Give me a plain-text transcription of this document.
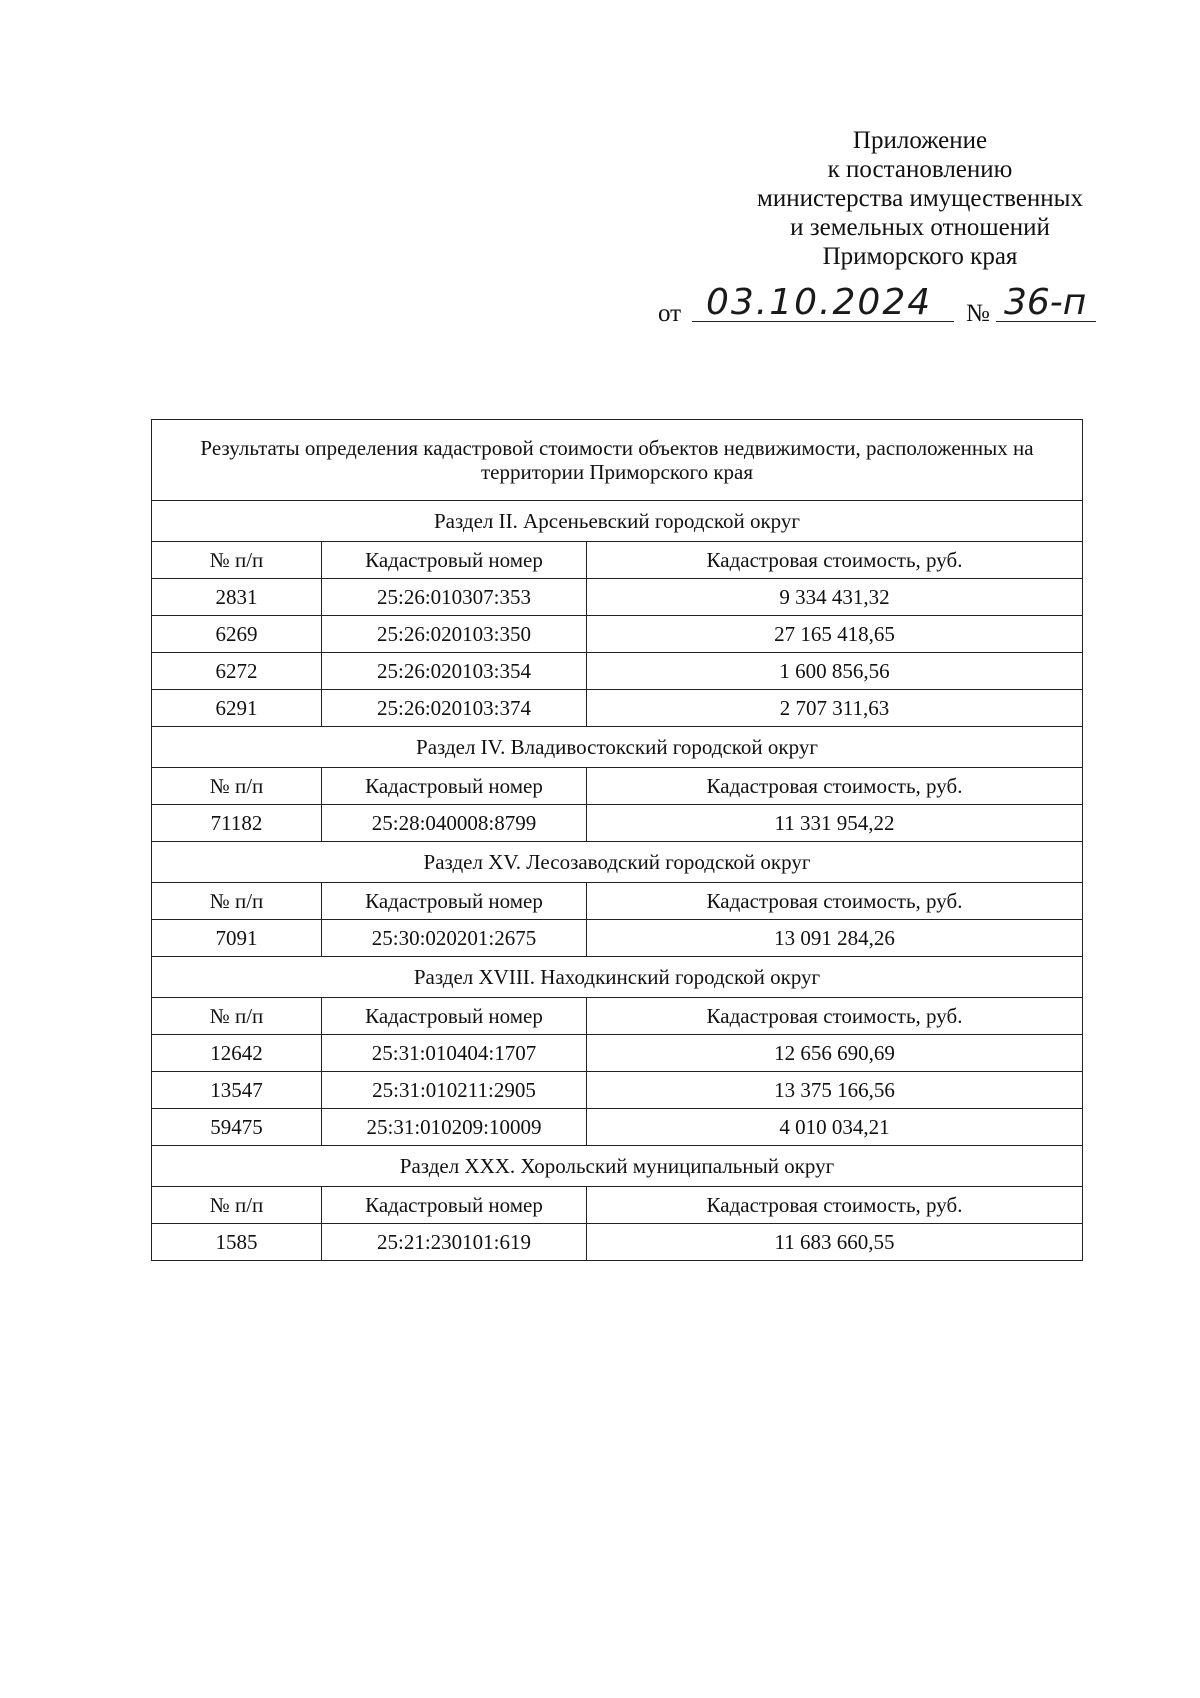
Приложение
к постановлению
министерства имущественных
и земельных отношений
Приморского края
от 03.10.2024	№ 36-п
Результаты определения кадастровой стоимости объектов недвижимости, расположенных на территории Приморского края		
Раздел II. Арсеньевский городской округ		
№ п/п	Кадастровый номер	Кадастровая стоимость, руб.
2831	25:26:010307:353	9 334 431,32
6269	25:26:020103:350	27 165 418,65
6272	25:26:020103:354	1 600 856,56
6291	25:26:020103:374	2 707 311,63
Раздел IV. Владивостокский городской округ		
№ п/п	Кадастровый номер	Кадастровая стоимость, руб.
71182	25:28:040008:8799	11 331 954,22
Раздел XV. Лесозаводский городской округ		
№ п/п	Кадастровый номер	Кадастровая стоимость, руб.
7091	25:30:020201:2675	13 091 284,26
Раздел XVIII. Находкинский городской округ		
№ п/п	Кадастровый номер	Кадастровая стоимость, руб.
12642	25:31:010404:1707	12 656 690,69
13547	25:31:010211:2905	13 375 166,56
59475	25:31:010209:10009	4 010 034,21
Раздел XXX. Хорольский муниципальный округ		
№ п/п	Кадастровый номер	Кадастровая стоимость, руб.
1585	25:21:230101:619	11 683 660,55
